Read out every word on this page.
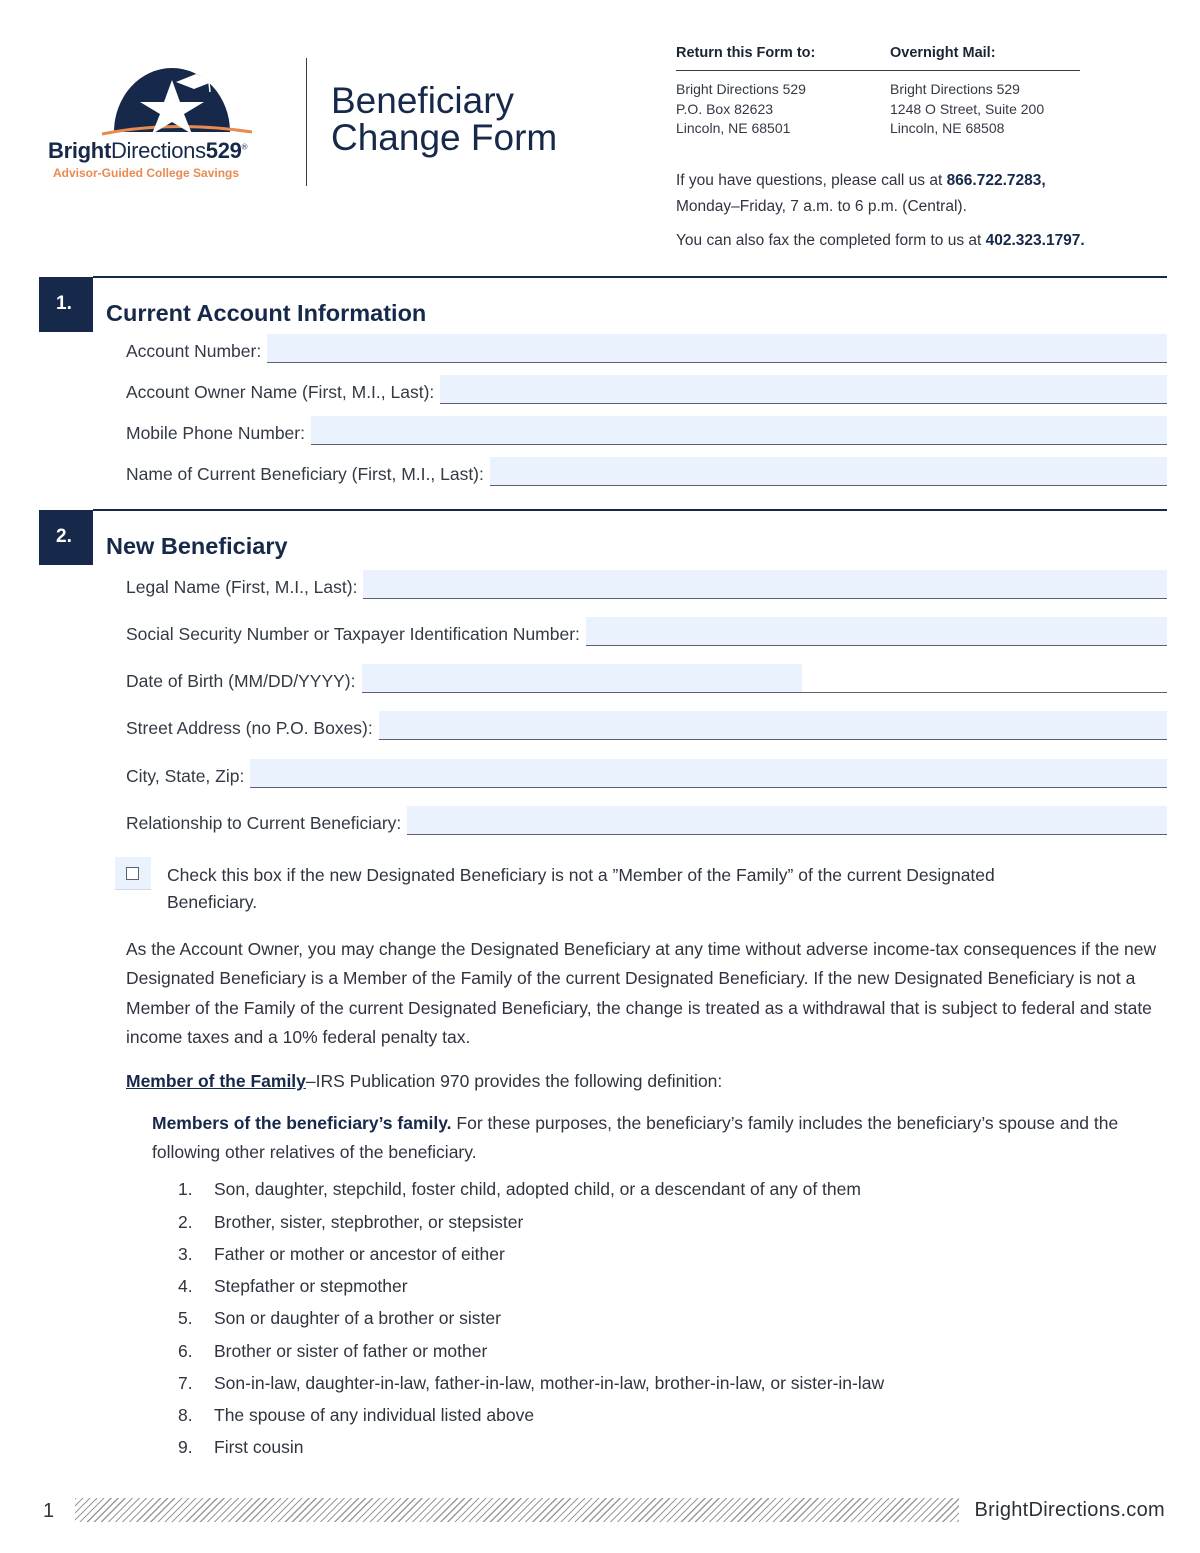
BrightDirections529®
Advisor-Guided College Savings
Beneficiary
Change Form
Return this Form to:
Bright Directions 529
P.O. Box 82623
Lincoln, NE 68501
Overnight Mail:
Bright Directions 529
1248 O Street, Suite 200
Lincoln, NE 68508
If you have questions, please call us at 866.722.7283,
Monday–Friday, 7 a.m. to 6 p.m. (Central).
You can also fax the completed form to us at 402.323.1797.
1.	Current Account Information
Account Number:
Account Owner Name (First, M.I., Last):
Mobile Phone Number:
Name of Current Beneficiary (First, M.I., Last):
2.	New Beneficiary
Legal Name (First, M.I., Last):
Social Security Number or Taxpayer Identification Number:
Date of Birth (MM/DD/YYYY):
Street Address (no P.O. Boxes):
City, State, Zip:
Relationship to Current Beneficiary:
Check this box if the new Designated Beneficiary is not a ”Member of the Family” of the current Designated Beneficiary.

As the Account Owner, you may change the Designated Beneficiary at any time without adverse income-tax consequences if the new Designated Beneficiary is a Member of the Family of the current Designated Beneficiary. If the new Designated Beneficiary is not a Member of the Family of the current Designated Beneficiary, the change is treated as a withdrawal that is subject to federal and state income taxes and a 10% federal penalty tax.

Member of the Family–IRS Publication 970 provides the following definition:

Members of the beneficiary’s family. For these purposes, the beneficiary’s family includes the beneficiary’s spouse and the following other relatives of the beneficiary.

1. Son, daughter, stepchild, foster child, adopted child, or a descendant of any of them
2. Brother, sister, stepbrother, or stepsister
3. Father or mother or ancestor of either
4. Stepfather or stepmother
5. Son or daughter of a brother or sister
6. Brother or sister of father or mother
7. Son-in-law, daughter-in-law, father-in-law, mother-in-law, brother-in-law, or sister-in-law
8. The spouse of any individual listed above
9. First cousin
1	BrightDirections.com
